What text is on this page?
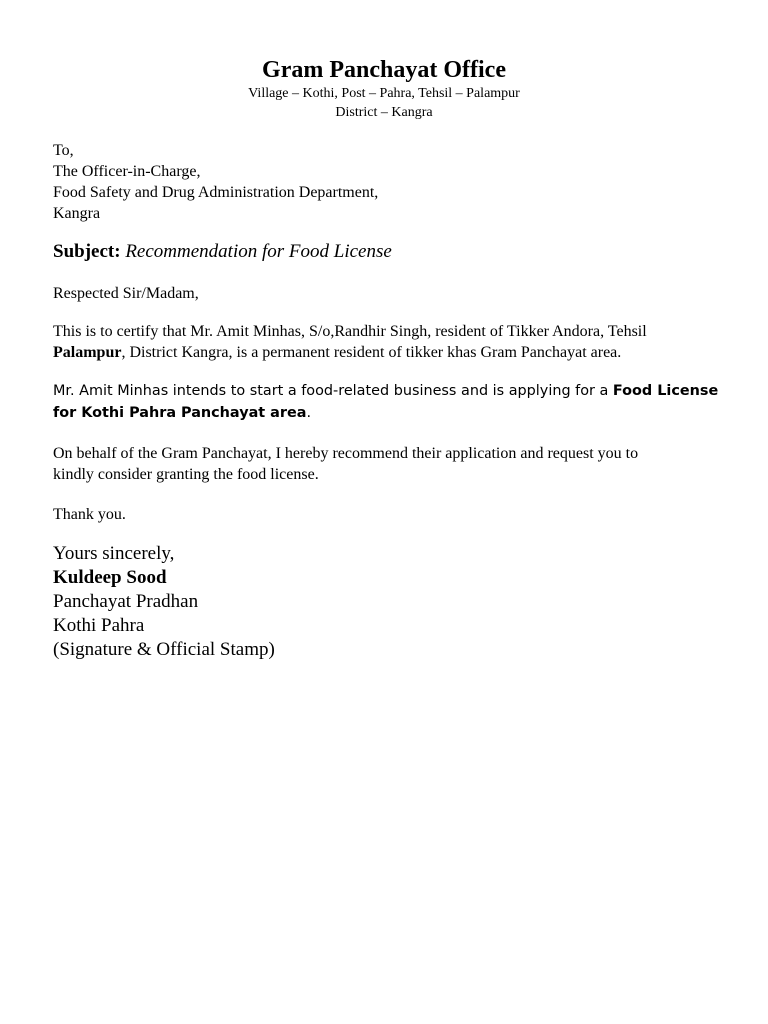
Gram Panchayat Office

Village – Kothi, Post – Pahra, Tehsil – Palampur

District – Kangra

To,

The Officer-in-Charge,

Food Safety and Drug Administration Department,

Kangra

Subject: Recommendation for Food License
Respected Sir/Madam,

This is to certify that Mr. Amit Minhas, S/o,Randhir Singh, resident of Tikker Andora, Tehsil
Palampur, District Kangra, is a permanent resident of tikker khas Gram Panchayat area.

Mr. Amit Minhas intends to start a food-related business and is applying for a Food License
for Kothi Pahra Panchayat area.

On behalf of the Gram Panchayat, I hereby recommend their application and request you to

kindly consider granting the food license.

Thank you.

Yours sincerely,

Kuldeep Sood

Panchayat Pradhan

Kothi Pahra

(Signature & Official Stamp)
